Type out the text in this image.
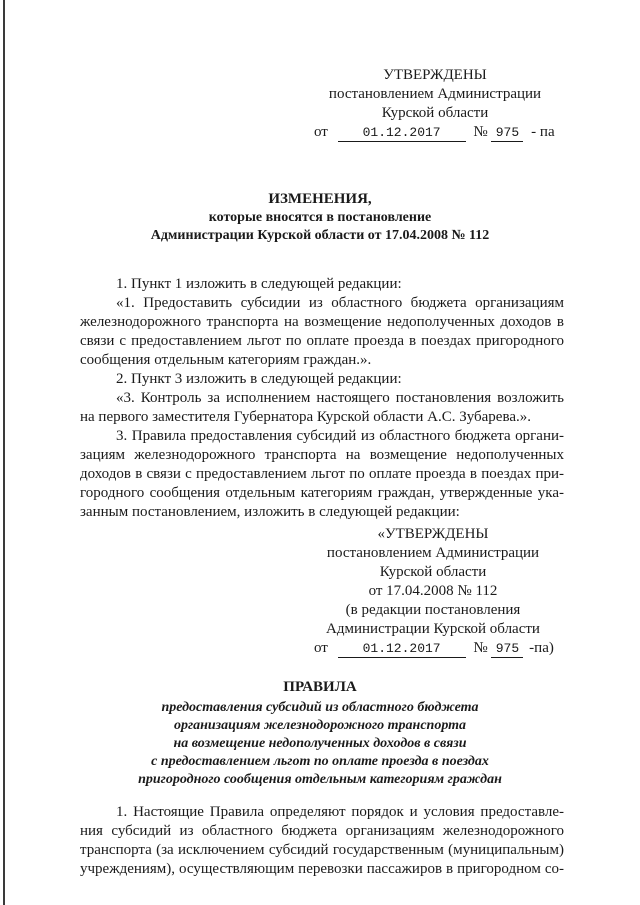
УТВЕРЖДЕНЫ
постановлением Администрации
Курской области
от	01.12.2017 № 975 - па
ИЗМЕНЕНИЯ,
которые вносятся в постановление
Администрации Курской области от 17.04.2008 № 112
1. Пункт 1 изложить в следующей редакции:
«1. Предоставить субсидии из областного бюджета организациям
железнодорожного транспорта на возмещение недополученных доходов в
связи с предоставлением льгот по оплате проезда в поездах пригородного
сообщения отдельным категориям граждан.».
2. Пункт 3 изложить в следующей редакции:
«3. Контроль за исполнением настоящего постановления возложить
на первого заместителя Губернатора Курской области А.С. Зубарева.».
3. Правила предоставления субсидий из областного бюджета органи-
зациям железнодорожного транспорта на возмещение недополученных
доходов в связи с предоставлением льгот по оплате проезда в поездах при-
городного сообщения отдельным категориям граждан, утвержденные ука-
занным постановлением, изложить в следующей редакции:
«УТВЕРЖДЕНЫ
постановлением Администрации
Курской области
от 17.04.2008 № 112
(в редакции постановления
Администрации Курской области
от	01.12.2017 № 975 -па)
ПРАВИЛА
предоставления субсидий из областного бюджета
организациям железнодорожного транспорта
на возмещение недополученных доходов в связи
с предоставлением льгот по оплате проезда в поездах
пригородного сообщения отдельным категориям граждан
1. Настоящие Правила определяют порядок и условия предоставле-
ния субсидий из областного бюджета организациям железнодорожного
транспорта (за исключением субсидий государственным (муниципальным)
учреждениям), осуществляющим перевозки пассажиров в пригородном со-
